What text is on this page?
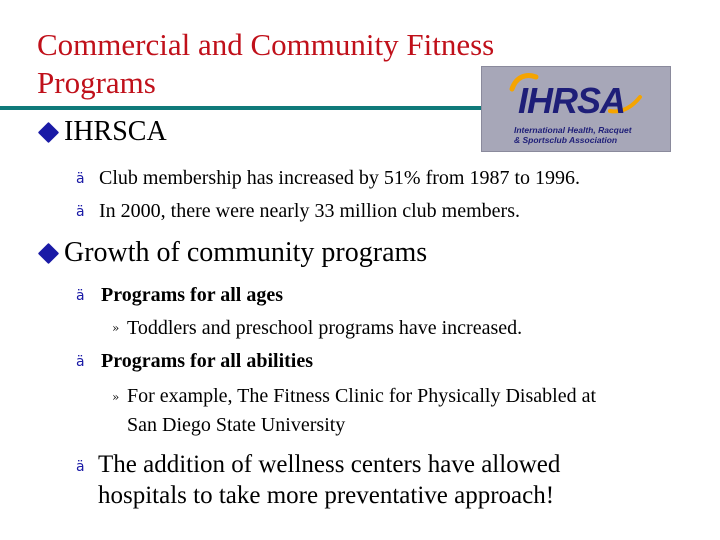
Commercial and Community Fitness Programs	IHRSA
International Health, Racquet
& Sportsclub Association
IHRSCA
ä Club membership has increased by 51% from 1987 to 1996.
ä In 2000, there were nearly 33 million club members.
Growth of community programs
ä Programs for all ages
» Toddlers and preschool programs have increased.
ä Programs for all abilities
» For example, The Fitness Clinic for Physically Disabled at
San Diego State University
ä The addition of wellness centers have allowed
hospitals to take more preventative approach!
